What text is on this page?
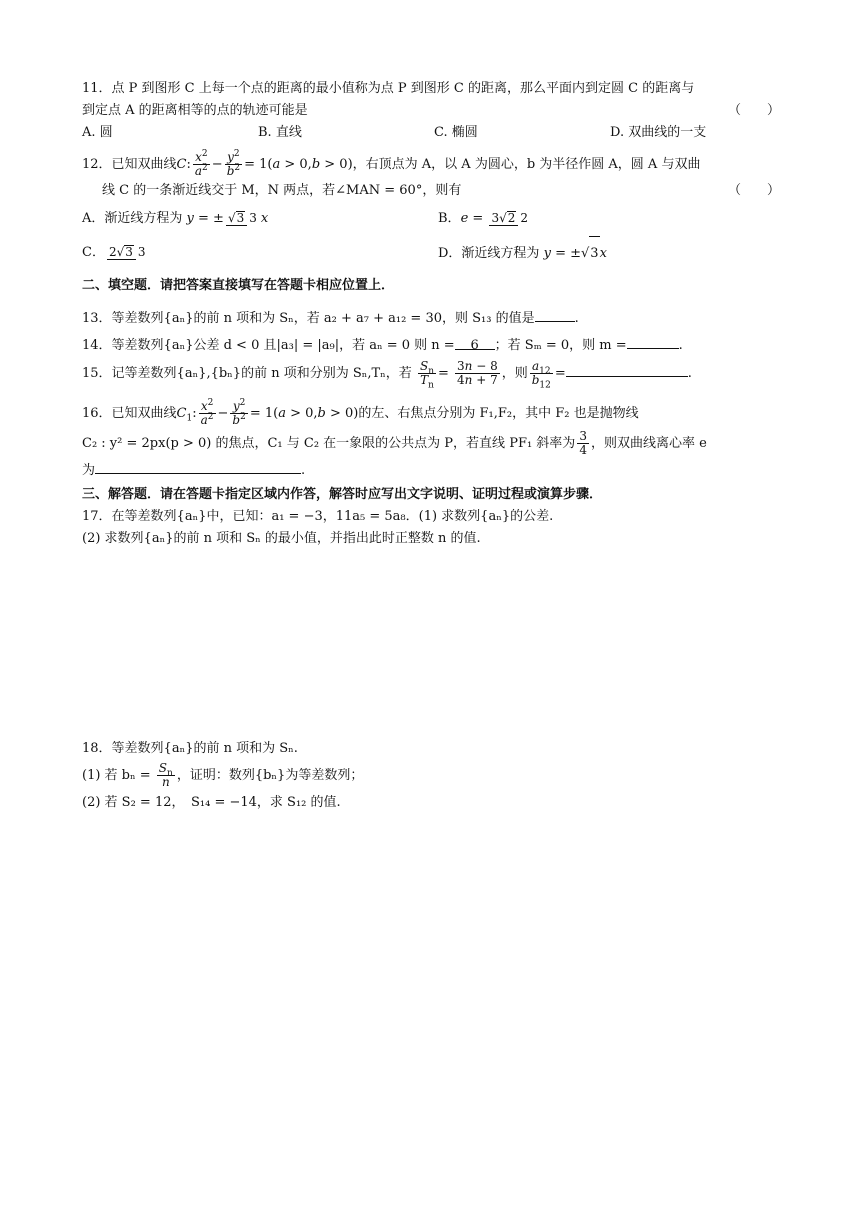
11．点 P 到图形 C 上每一个点的距离的最小值称为点 P 到图形 C 的距离，那么平面内到定圆 C 的距离与
到定点 A 的距离相等的点的轨迹可能是	（　　）
A. 圆	B. 直线	C. 椭圆	D. 双曲线的一支
12．已知双曲线C: $\frac{x^2}{a^2} - \frac{y^2}{b^2} = 1(a > 0,b > 0)$，右顶点为 A，以 A 为圆心，b 为半径作圆 A，圆 A 与双曲
线 C 的一条渐近线交于 M，N 两点，若∠MAN = 60°，则有	（　　）
A．渐近线方程为 y = ± √3 3 x	B．e = 3√2 2
C． 2√3 3	D．渐近线方程为 y = ±√3x
二、填空题．请把答案直接填写在答题卡相应位置上．
13．等差数列{aₙ}的前 n 项和为 Sₙ，若 a₂ + a₇ + a₁₂ = 30，则 S₁₃ 的值是	.
14．等差数列{aₙ}公差 d < 0 且|a₃| = |a₉|，若 aₙ = 0 则 n = 6 ；若 Sₘ = 0，则 m =	.
15．记等差数列{aₙ},{bₙ}的前 n 项和分别为 Sₙ,Tₙ，若 $\frac{S_n}{T_n} = \frac{3n - 8}{4n + 7}$ ，则 $\frac{a_{12}}{b_{12}}$ =	.
16．已知双曲线$C_1$: $\frac{x^2}{a^2} - \frac{y^2}{b^2} = 1(a > 0,b > 0)$的左、右焦点分别为 F₁,F₂，其中 F₂ 也是抛物线
C₂ : y² = 2px(p > 0) 的焦点，C₁ 与 C₂ 在一象限的公共点为 P，若直线 PF₁ 斜率为 $\frac{3}{4}$ ，则双曲线离心率 e
为	.
三、解答题．请在答题卡指定区域内作答，解答时应写出文字说明、证明过程或演算步骤．
17．在等差数列{aₙ}中，已知：a₁ = −3，11a₅ = 5a₈．(1) 求数列{aₙ}的公差.
(2) 求数列{aₙ}的前 n 项和 Sₙ 的最小值，并指出此时正整数 n 的值.
18．等差数列{aₙ}的前 n 项和为 Sₙ.
(1) 若 $b_n = \frac{S_n}{n}$ ，证明：数列{bₙ}为等差数列；
(2) 若 S₂ = 12，　S₁₄ = −14，求 S₁₂ 的值.
